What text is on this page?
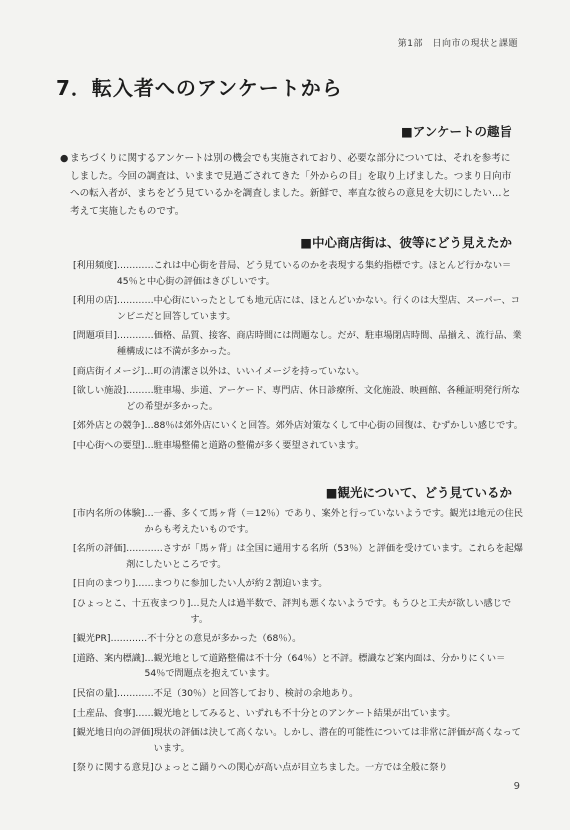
第1部　日向市の現状と課題
7．転入者へのアンケートから
■アンケートの趣旨
● まちづくりに関するアンケートは別の機会でも実施されており、必要な部分については、それを参考にしました。今回の調査は、いままで見過ごされてきた「外からの目」を取り上げました。つまり日向市への転入者が、まちをどう見ているかを調査しました。新鮮で、率直な彼らの意見を大切にしたい…と考えて実施したものです。
■中心商店街は、彼等にどう見えたか
[利用頻度] …………これは中心街を昔局、どう見ているのかを表現する集約指標です。ほとんど行かない＝45％と中心街の評価はきびしいです。
[利用の店] …………中心街にいったとしても地元店には、ほとんどいかない。行くのは大型店、スーパー、コンビニだと回答しています。
[問題項目] …………価格、品質、接客、商店時間には問題なし。だが、駐車場閉店時間、品揃え、流行品、業種構成には不満が多かった。
[商店街イメージ] …町の清潔さ以外は、いいイメージを持っていない。
[欲しい施設] ………駐車場、歩道、アーケード、専門店、休日診療所、文化施設、映画館、各種証明発行所などの希望が多かった。
[郊外店との競争] …88％は郊外店にいくと回答。郊外店対策なくして中心街の回復は、むずかしい感じです。
[中心街への要望] …駐車場整備と道路の整備が多く要望されています。
■観光について、どう見ているか
[市内名所の体験] …一番、多くて馬ヶ背（＝12％）であり、案外と行っていないようです。観光は地元の住民からも考えたいものです。
[名所の評価] …………さすが「馬ヶ背」は全国に通用する名所（53％）と評価を受けています。これらを起爆剤にしたいところです。
[日向のまつり] ……まつりに参加したい人が約２割迫います。
[ひょっとこ、十五夜まつり] …見た人は過半数で、評判も悪くないようです。もうひと工夫が欲しい感じです。
[観光PR] …………不十分との意見が多かった（68％）。
[道路、案内標識] …観光地として道路整備は不十分（64％）と不評。標識など案内面は、分かりにくい＝54％で問題点を抱えています。
[民宿の量] …………不足（30％）と回答しており、検討の余地あり。
[土産品、食事] ……観光地としてみると、いずれも不十分とのアンケート結果が出ています。
[観光地日向の評価] 現状の評価は決して高くない。しかし、潜在的可能性については非常に評価が高くなっています。
[祭りに関する意見] ひょっとこ踊りへの関心が高い点が目立ちました。一方では全般に祭り
9
